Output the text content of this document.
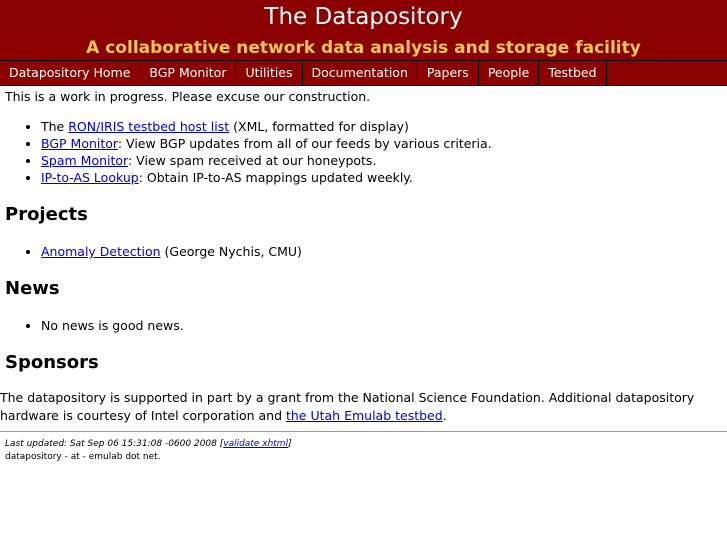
The Datapository
A collaborative network data analysis and storage facility
Datapository Home	BGP Monitor	Utilities	Documentation	Papers	People	Testbed

This is a work in progress. Please excuse our construction.

• The RON/IRIS testbed host list (XML, formatted for display)
• BGP Monitor: View BGP updates from all of our feeds by various criteria.
• Spam Monitor: View spam received at our honeypots.
• IP-to-AS Lookup: Obtain IP-to-AS mappings updated weekly.
Projects
• Anomaly Detection (George Nychis, CMU)
News
• No news is good news.
Sponsors

The datapository is supported in part by a grant from the National Science Foundation. Additional datapository hardware is courtesy of Intel corporation and the Utah Emulab testbed.

Last updated: Sat Sep 06 15:31:08 -0600 2008 [validate xhtml]
datapository - at - emulab dot net.
